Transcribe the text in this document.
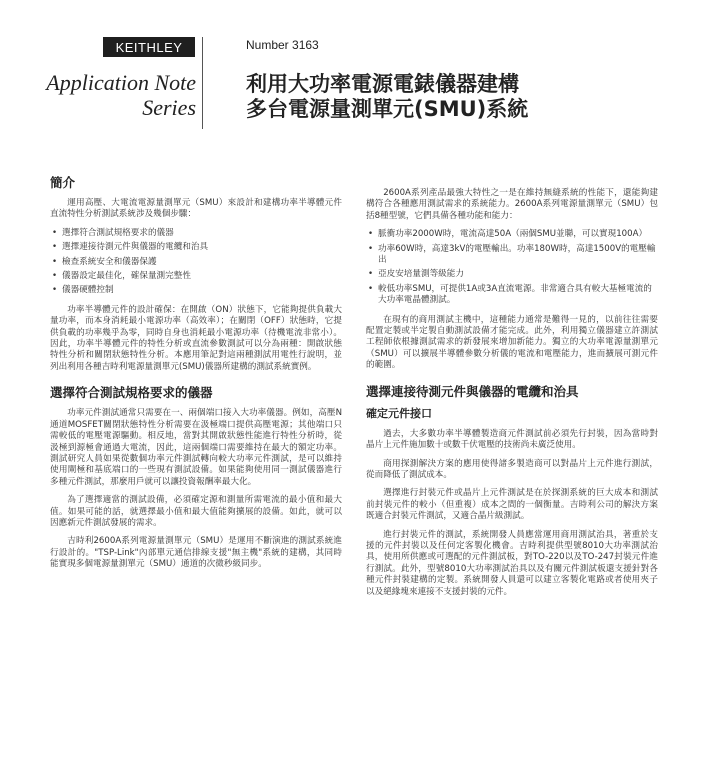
KEITHLEY
Application Note
Series
Number 3163
利用大功率電源電錶儀器建構
多台電源量測單元(SMU)系統
簡介

運用高壓、大電流電源量測單元（SMU）來設計和建構功率半導體元件直流特性分析測試系統涉及幾個步驟：

• 選擇符合測試規格要求的儀器
• 選擇連接待測元件與儀器的電纜和治具
• 檢查系統安全和儀器保護
• 儀器設定最佳化，確保量測完整性
• 儀器硬體控制

功率半導體元件的設計確保：在開啟（ON）狀態下，它能夠提供負載大量功率，而本身消耗最小電源功率（高效率）；在關閉（OFF）狀態時，它提供負載的功率幾乎為零，同時自身也消耗最小電源功率（待機電流非常小）。因此，功率半導體元件的特性分析或直流參數測試可以分為兩種：開啟狀態特性分析和關閉狀態特性分析。本應用筆記對這兩種測試用電性行說明，並列出利用各種吉時利電源量測單元(SMU)儀器所建構的測試系統實例。

選擇符合測試規格要求的儀器

功率元件測試通常只需要在一、兩個端口接入大功率儀器。例如，高壓N通道MOSFET關閉狀態特性分析需要在汲極端口提供高壓電源；其他端口只需較低的電壓電源驅動。相反地，當對其開啟狀態性能進行特性分析時，從汲極到源極會通過大電流，因此，這兩個端口需要維持在最大的額定功率。測試研究人員如果從數個功率元件測試轉向較大功率元件測試，是可以維持使用閘極和基底端口的一些現有測試設備。如果能夠使用同一測試儀器進行多種元件測試，那麼用戶就可以讓投資報酬率最大化。

為了選擇適當的測試設備，必須確定源和測量所需電流的最小值和最大值。如果可能的話，就選擇最小值和最大值能夠擴展的設備。如此，就可以因應新元件測試發展的需求。

吉時利2600A系列電源量測單元（SMU）是運用不斷演進的測試系統進行設計的。"TSP-Link"內部單元通信排線支援"無主機"系統的建構，其同時能實現多個電源量測單元（SMU）通道的次微秒級同步。

2600A系列產品最強大特性之一是在維持無縫系統的性能下，還能夠建構符合各種應用測試需求的系統能力。2600A系列電源量測單元（SMU）包括8種型號，它們具備各種功能和能力：

• 脈衝功率2000W時，電流高達50A（兩個SMU並聯，可以實現100A）
• 功率60W時，高達3kV的電壓輸出。功率180W時，高達1500V的電壓輸出
• 亞皮安培量測等級能力
• 較低功率SMU，可提供1A或3A直流電源。非常適合具有較大基極電流的大功率電晶體測試。

在現有的商用測試主機中，這種能力通常是難得一見的，以前往往需要配置定製或半定製自動測試設備才能完成。此外，利用獨立儀器建立許測試工程師依根據測試需求的新發展來增加新能力。獨立的大功率電源量測單元（SMU）可以擴展半導體參數分析儀的電流和電壓能力，進而擴展可測元件的範圍。

選擇連接待測元件與儀器的電纜和治具
確定元件接口

過去，大多數功率半導體製造商元件測試前必須先行封裝，因為當時對晶片上元件施加數十或數千伏電壓的技術尚未廣泛使用。

商用探測解決方案的應用使得諸多製造商可以對晶片上元件進行測試，從而降低了測試成本。

選擇進行封裝元件或晶片上元件測試是在於探測系統的巨大成本和測試前封裝元件的較小（但重複）成本之間的一個衡量。吉時利公司的解決方案既適合封裝元件測試，又適合晶片級測試。

進行封裝元件的測試，系統開發人員應當運用商用測試治具，著重於支援的元件封裝以及任何定客製化機會。吉時利提供型號8010大功率測試治具，使用所供應或可選配的元件測試板，對TO-220以及TO-247封裝元件進行測試。此外，型號8010大功率測試治具以及有關元件測試板還支援針對各種元件封裝建構的定製。系統開發人員還可以建立客製化電路或者使用夾子以及絕緣塊來連接不支援封裝的元件。
